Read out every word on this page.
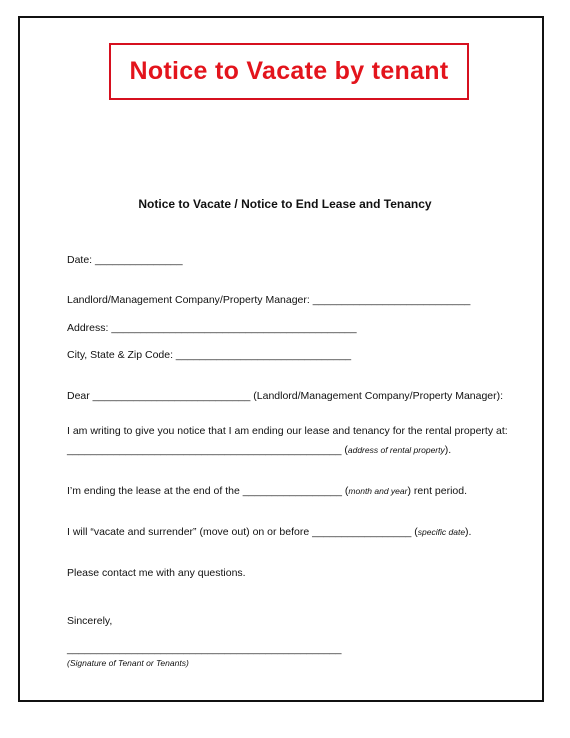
Notice to Vacate by tenant
Notice to Vacate / Notice to End Lease and Tenancy
Date: _______________
Landlord/Management Company/Property Manager: ___________________________
Address: __________________________________________
City, State & Zip Code: ______________________________
Dear ___________________________ (Landlord/Management Company/Property Manager):
I am writing to give you notice that I am ending our lease and tenancy for the rental property at:
_______________________________________________ (address of rental property).
I’m ending the lease at the end of the _________________ (month and year) rent period.
I will “vacate and surrender” (move out) on or before _________________ (specific date).
Please contact me with any questions.
Sincerely,
_______________________________________________
(Signature of Tenant or Tenants)
